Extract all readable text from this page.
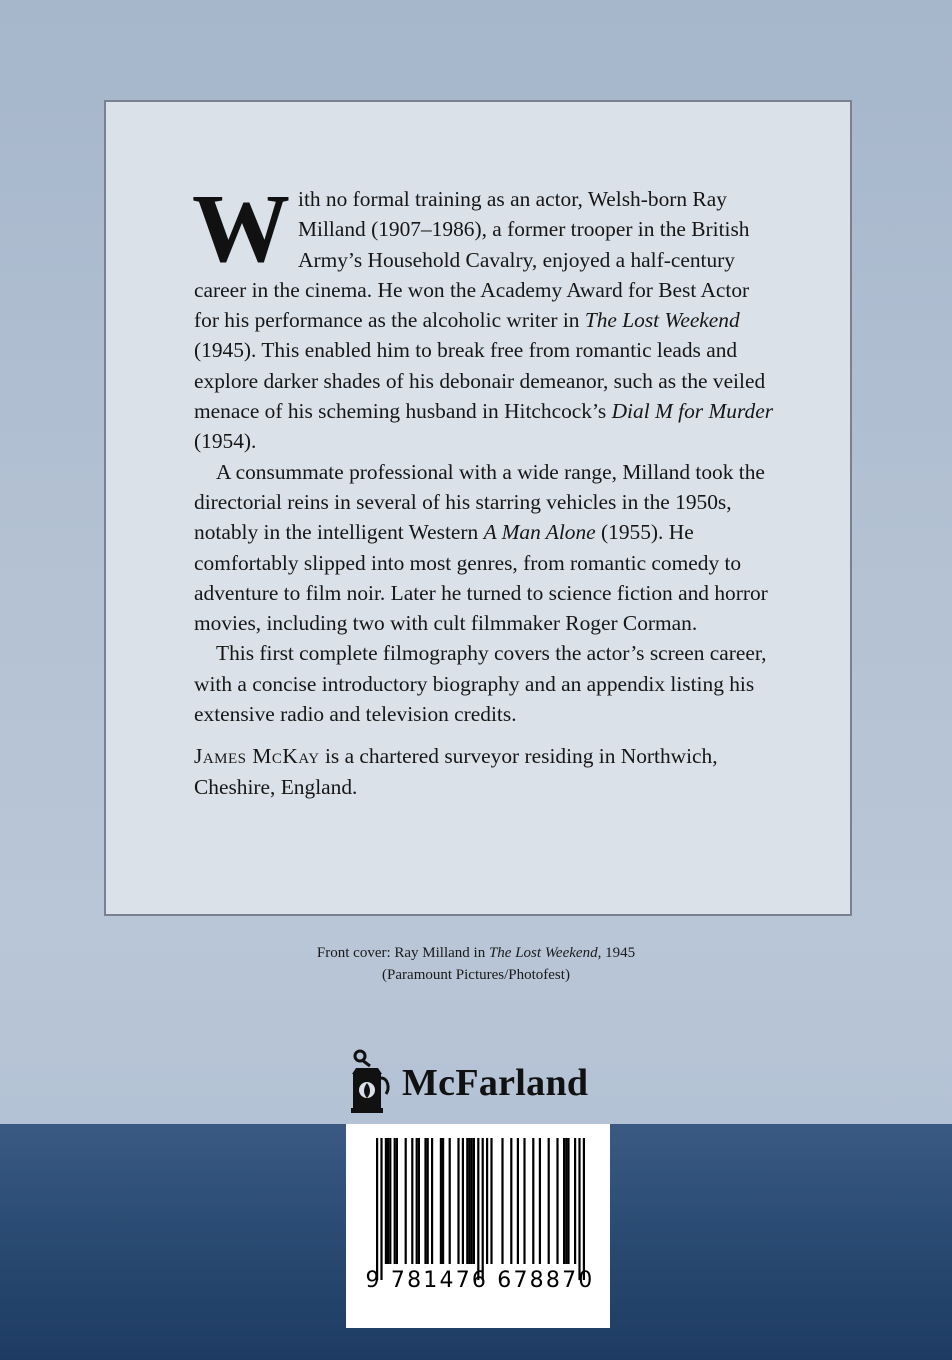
With no formal training as an actor, Welsh-born Ray Milland (1907–1986), a former trooper in the British Army’s Household Cavalry, enjoyed a half-century career in the cinema. He won the Academy Award for Best Actor for his performance as the alcoholic writer in The Lost Weekend (1945). This enabled him to break free from romantic leads and explore darker shades of his debonair demeanor, such as the veiled menace of his scheming husband in Hitchcock’s Dial M for Murder (1954).

A consummate professional with a wide range, Milland took the directorial reins in several of his starring vehicles in the 1950s, notably in the intelligent Western A Man Alone (1955). He comfortably slipped into most genres, from romantic comedy to adventure to film noir. Later he turned to science fiction and horror movies, including two with cult filmmaker Roger Corman.

This first complete filmography covers the actor’s screen career, with a concise introductory biography and an appendix listing his extensive radio and television credits.

James McKay is a chartered surveyor residing in Northwich, Cheshire, England.

Front cover: Ray Milland in The Lost Weekend, 1945
(Paramount Pictures/Photofest)
McFarland
9 781476 678870
